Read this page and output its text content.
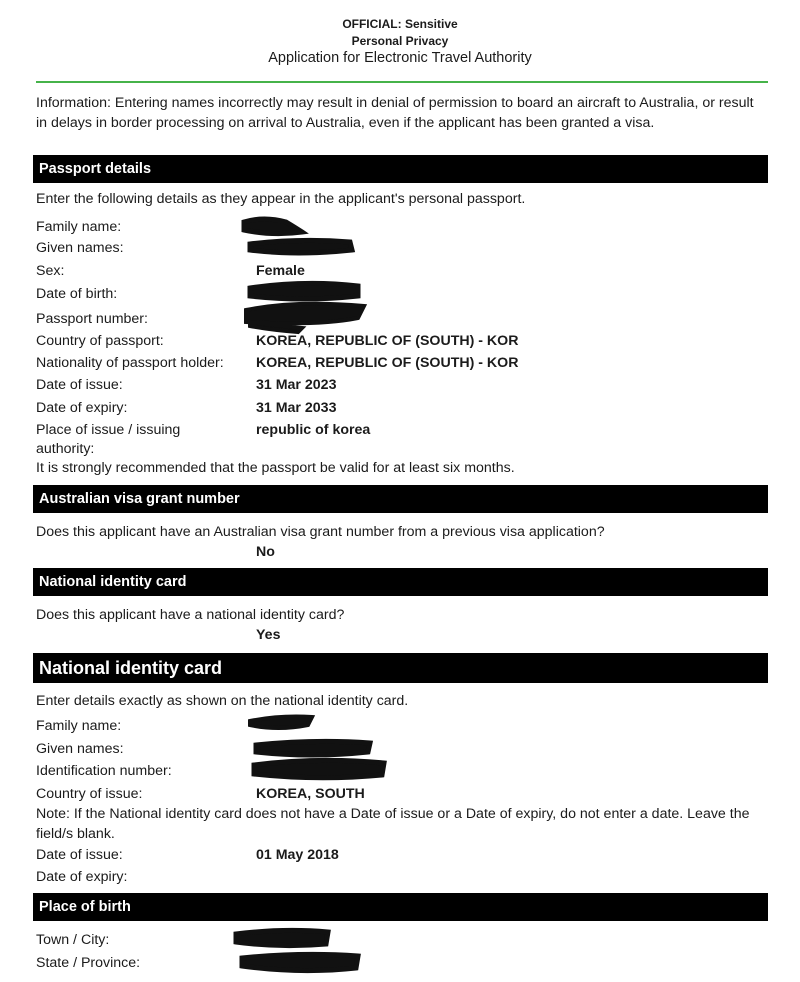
OFFICIAL: Sensitive
Personal Privacy
Application for Electronic Travel Authority
Information: Entering names incorrectly may result in denial of permission to board an aircraft to Australia, or result in delays in border processing on arrival to Australia, even if the applicant has been granted a visa.
Passport details
Enter the following details as they appear in the applicant's personal passport.
Family name:
Given names:
Sex:	Female
Date of birth:
Passport number:
Country of passport:	KOREA, REPUBLIC OF (SOUTH) - KOR
Nationality of passport holder: KOREA, REPUBLIC OF (SOUTH) - KOR
Date of issue:	31 Mar 2023
Date of expiry:	31 Mar 2033
Place of issue / issuing	republic of korea
authority:
It is strongly recommended that the passport be valid for at least six months.
Australian visa grant number
Does this applicant have an Australian visa grant number from a previous visa application?
No
National identity card
Does this applicant have a national identity card?
Yes
National identity card
Enter details exactly as shown on the national identity card.
Family name:
Given names:
Identification number:
Country of issue:	KOREA, SOUTH
Note: If the National identity card does not have a Date of issue or a Date of expiry, do not enter a date. Leave the field/s blank.
Date of issue:	01 May 2018
Date of expiry:
Place of birth
Town / City:
State / Province:
